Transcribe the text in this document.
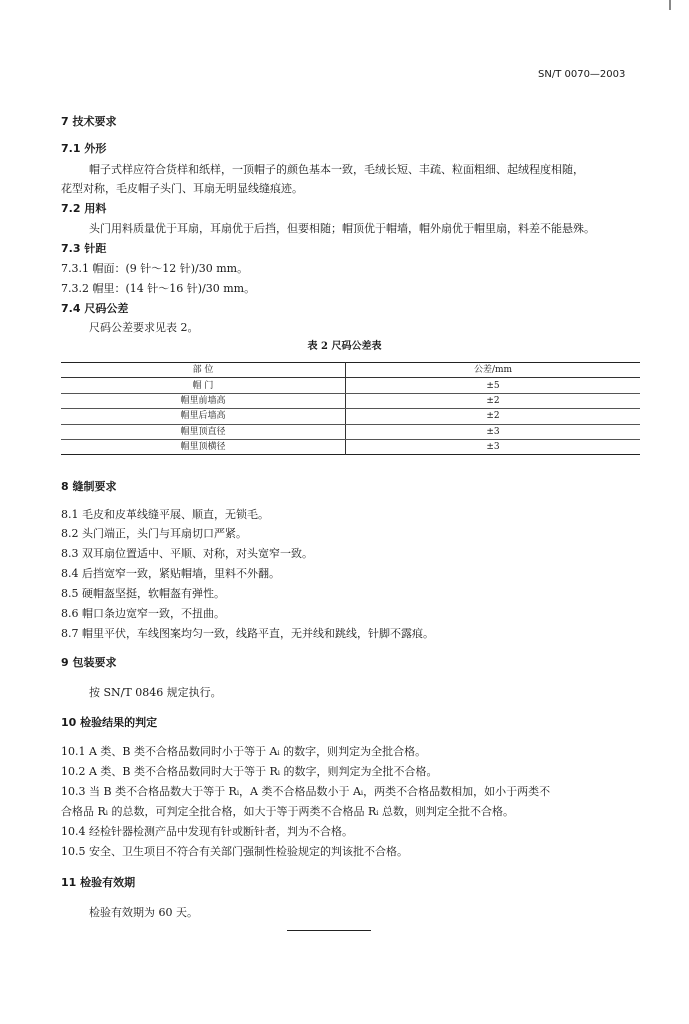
SN/T 0070—2003
7 技术要求
7.1 外形
帽子式样应符合货样和纸样，一顶帽子的颜色基本一致，毛绒长短、丰疏、粒面粗细、起绒程度相随，
花型对称，毛皮帽子头门、耳扇无明显线缝痕迹。
7.2 用料
头门用料质量优于耳扇，耳扇优于后挡，但要相随；帽顶优于帽墙，帽外扇优于帽里扇，料差不能悬殊。
7.3 针距
7.3.1 帽面：(9 针～12 针)/30 mm。
7.3.2 帽里：(14 针～16 针)/30 mm。
7.4 尺码公差
尺码公差要求见表 2。
表 2 尺码公差表
部 位	公差/mm
帽 门	±5
帽里前墙高	±2
帽里后墙高	±2
帽里顶直径	±3
帽里顶横径	±3
8 缝制要求
8.1 毛皮和皮革线缝平展、顺直，无锁毛。
8.2 头门端正，头门与耳扇切口严紧。
8.3 双耳扇位置适中、平顺、对称，对头宽窄一致。
8.4 后挡宽窄一致，紧贴帽墙，里料不外翻。
8.5 硬帽盔坚挺，软帽盔有弹性。
8.6 帽口条边宽窄一致，不扭曲。
8.7 帽里平伏，车线图案均匀一致，线路平直，无并线和跳线，针脚不露痕。
9 包装要求
按 SN/T 0846 规定执行。
10 检验结果的判定
10.1 A 类、B 类不合格品数同时小于等于 Aᵢ 的数字，则判定为全批合格。
10.2 A 类、B 类不合格品数同时大于等于 Rᵢ 的数字，则判定为全批不合格。
10.3 当 B 类不合格品数大于等于 Rᵢ，A 类不合格品数小于 Aᵢ，两类不合格品数相加，如小于两类不
合格品 Rᵢ 的总数，可判定全批合格，如大于等于两类不合格品 Rᵢ 总数，则判定全批不合格。
10.4 经检针器检测产品中发现有针或断针者，判为不合格。
10.5 安全、卫生项目不符合有关部门强制性检验规定的判该批不合格。
11 检验有效期
检验有效期为 60 天。
